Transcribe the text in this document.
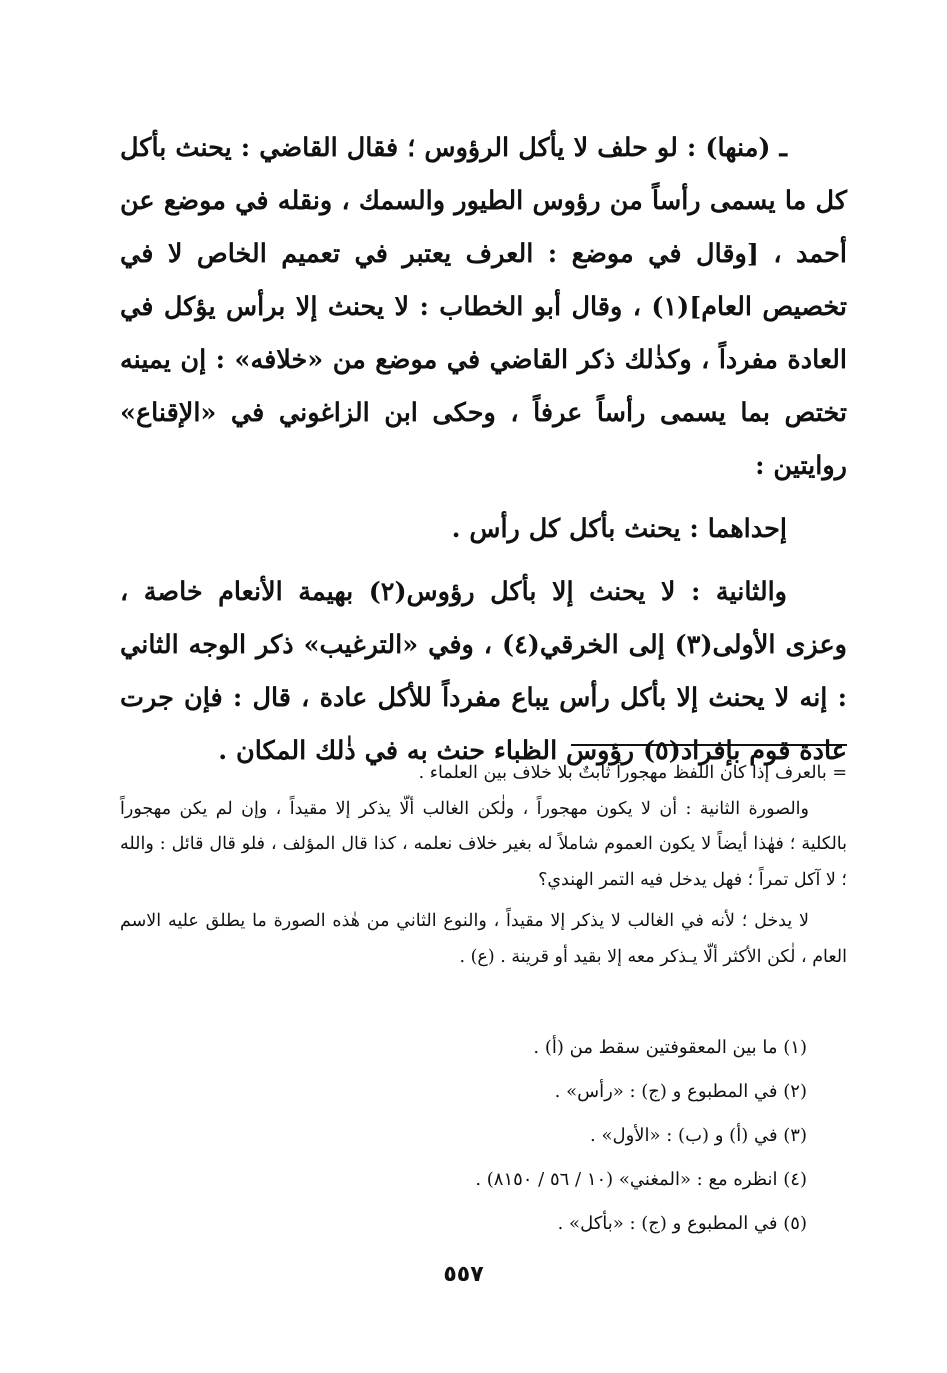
ـ (منها) : لو حلف لا يأكل الرؤوس ؛ فقال القاضي : يحنث بأكل كل ما يسمى رأساً من رؤوس الطيور والسمك ، ونقله في موضع عن أحمد ، [وقال في موضع : العرف يعتبر في تعميم الخاص لا في تخصيص العام](١) ، وقال أبو الخطاب : لا يحنث إلا برأس يؤكل في العادة مفرداً ، وكذٰلك ذكر القاضي في موضع من «خلافه» : إن يمينه تختص بما يسمى رأساً عرفاً ، وحكى ابن الزاغوني في «الإقناع» روايتين :

إحداهما : يحنث بأكل كل رأس .

والثانية : لا يحنث إلا بأكل رؤوس(٢) بهيمة الأنعام خاصة ، وعزى الأولى(٣) إلى الخرقي(٤) ، وفي «الترغيب» ذكر الوجه الثاني : إنه لا يحنث إلا بأكل رأس يباع مفرداً للأكل عادة ، قال : فإن جرت عادة قوم بإفراد(٥) رؤوس الظباء حنث به في ذٰلك المكان .

= بالعرف إذا كان اللفظ مهجوراً ثابتٌ بلا خلاف بين العلماء .

والصورة الثانية : أن لا يكون مهجوراً ، ولٰكن الغالب ألّا يذكر إلا مقيداً ، وإن لم يكن مهجوراً بالكلية ؛ فهٰذا أيضاً لا يكون العموم شاملاً له بغير خلاف نعلمه ، كذا قال المؤلف ، فلو قال قائل : والله ؛ لا آكل تمراً ؛ فهل يدخل فيه التمر الهندي؟

لا يدخل ؛ لأنه في الغالب لا يذكر إلا مقيداً ، والنوع الثاني من هٰذه الصورة ما يطلق عليه الاسم العام ، لٰكن الأكثر ألّا يـذكر معه إلا بقيد أو قرينة . (ع) .

(١) ما بين المعقوفتين سقط من (أ) .

(٢) في المطبوع و (ج) : «رأس» .

(٣) في (أ) و (ب) : «الأول» .

(٤) انظره مع : «المغني» (١٠ / ٥٦ / ٨١٥٠) .

(٥) في المطبوع و (ج) : «بأكل» .

٥٥٧
